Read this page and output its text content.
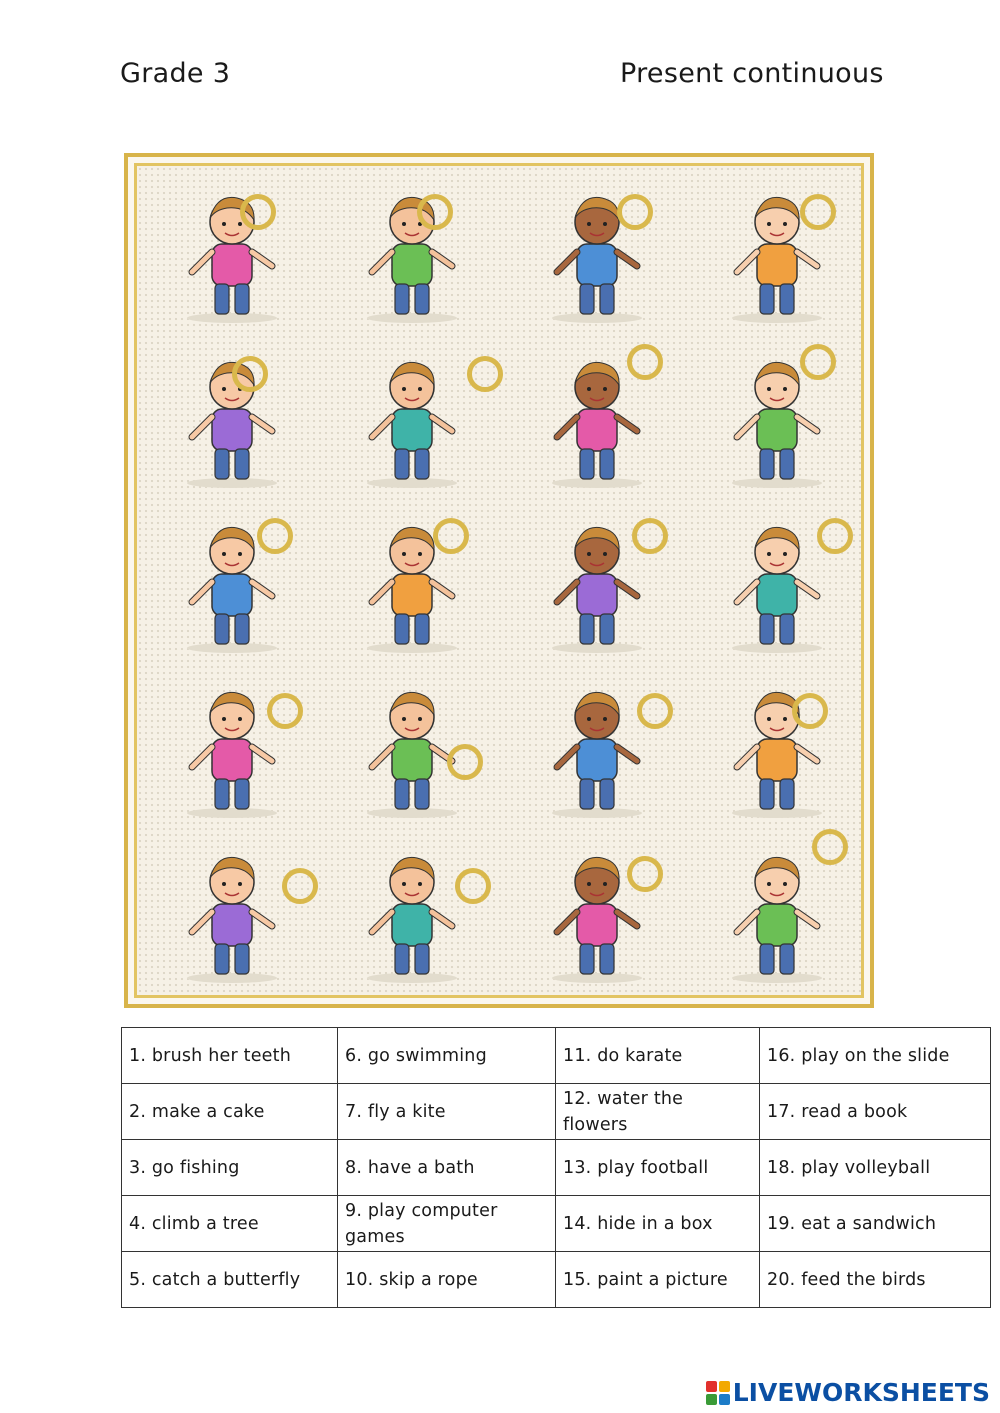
Grade 3	Present continuous
1. brush her teeth	6. go swimming	11. do karate	16. play on the slide
2. make a cake	7. fly a kite	12. water the flowers	17. read a book
3. go fishing	8. have a bath	13. play football	18. play volleyball
4. climb a tree	9. play computer games	14. hide in a box	19. eat a sandwich
5. catch a butterfly	10. skip a rope	15. paint a picture	20. feed the birds
LIVEWORKSHEETS
